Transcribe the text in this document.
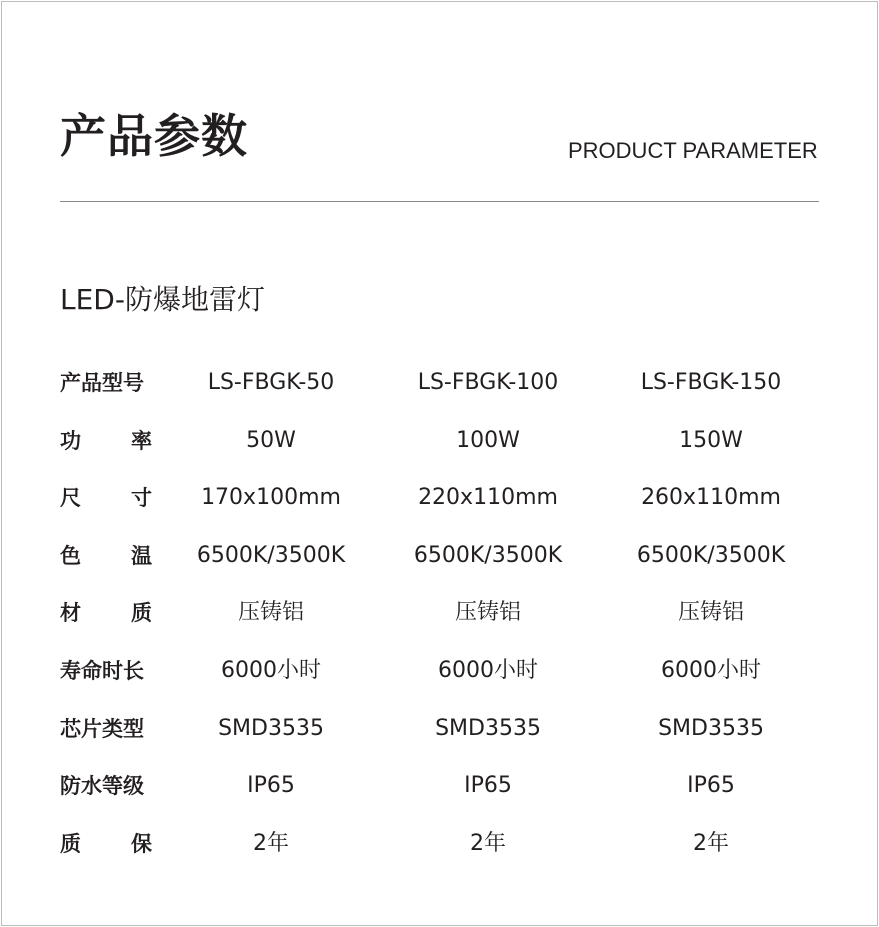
产品参数	PRODUCT PARAMETER
LED-防爆地雷灯
产品型号	LS-FBGK-50	LS-FBGK-100	LS-FBGK-150
功 率	50W	100W	150W
尺 寸	170x100mm	220x110mm	260x110mm
色 温	6500K/3500K	6500K/3500K	6500K/3500K
材 质	压铸铝	压铸铝	压铸铝
寿命时长	6000小时	6000小时	6000小时
芯片类型	SMD3535	SMD3535	SMD3535
防水等级	IP65	IP65	IP65
质 保	2年	2年	2年
